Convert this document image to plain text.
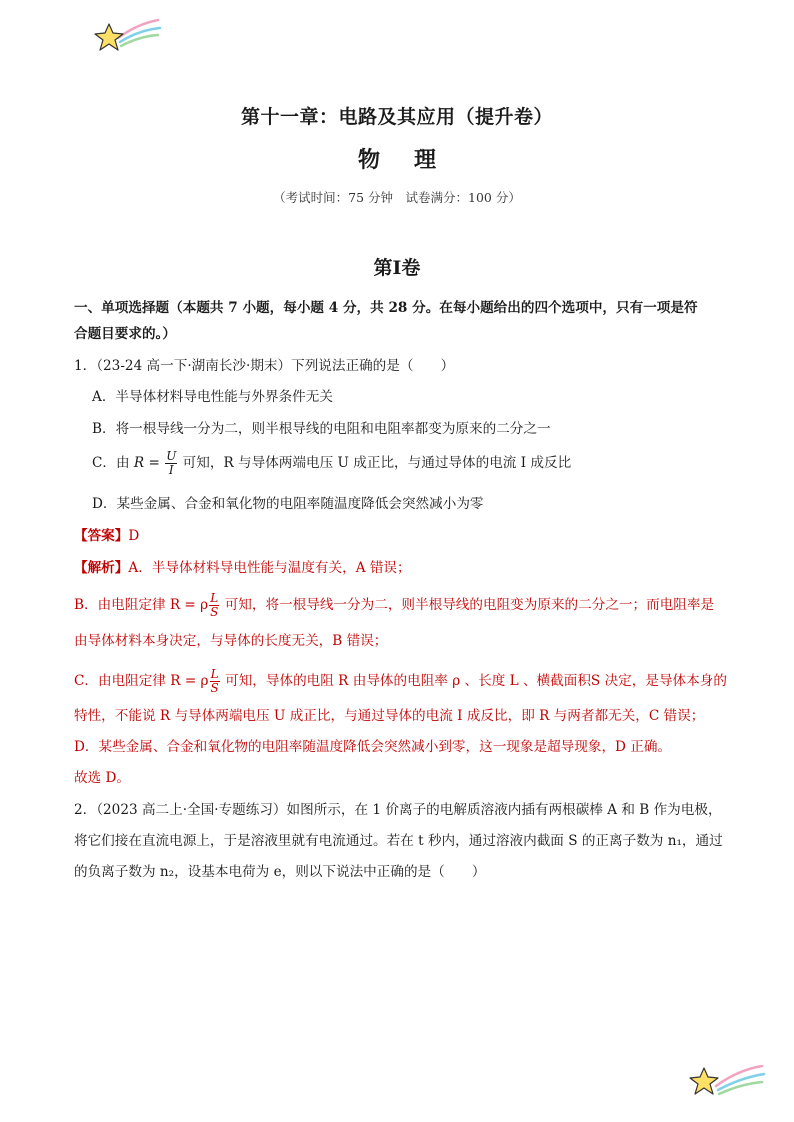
第十一章：电路及其应用（提升卷）
物 理
（考试时间：75 分钟　试卷满分：100 分）
第I卷
一、单项选择题（本题共 7 小题，每小题 4 分，共 28 分。在每小题给出的四个选项中，只有一项是符
合题目要求的。）
1．（23-24 高一下·湖南长沙·期末）下列说法正确的是（　　）
A．半导体材料导电性能与外界条件无关
B．将一根导线一分为二，则半根导线的电阻和电阻率都变为原来的二分之一
C．由 $R = \frac{U}{I}$ 可知，R 与导体两端电压 U 成正比，与通过导体的电流 I 成反比
D．某些金属、合金和氧化物的电阻率随温度降低会突然减小为零
【答案】D
【解析】A．半导体材料导电性能与温度有关，A 错误；
B．由电阻定律 R = ρ $\frac{L}{S}$ 可知，将一根导线一分为二，则半根导线的电阻变为原来的二分之一；而电阻率是
由导体材料本身决定，与导体的长度无关，B 错误；
C．由电阻定律 R = ρ $\frac{L}{S}$ 可知，导体的电阻 R 由导体的电阻率 ρ 、长度 L 、横截面积S 决定，是导体本身的
特性，不能说 R 与导体两端电压 U 成正比，与通过导体的电流 I 成反比，即 R 与两者都无关，C 错误；
D．某些金属、合金和氧化物的电阻率随温度降低会突然减小到零，这一现象是超导现象，D 正确。
故选 D。
2．（2023 高二上·全国·专题练习）如图所示，在 1 价离子的电解质溶液内插有两根碳棒 A 和 B 作为电极，
将它们接在直流电源上，于是溶液里就有电流通过。若在 t 秒内，通过溶液内截面 S 的正离子数为 n₁，通过
的负离子数为 n₂，设基本电荷为 e，则以下说法中正确的是（　　）
